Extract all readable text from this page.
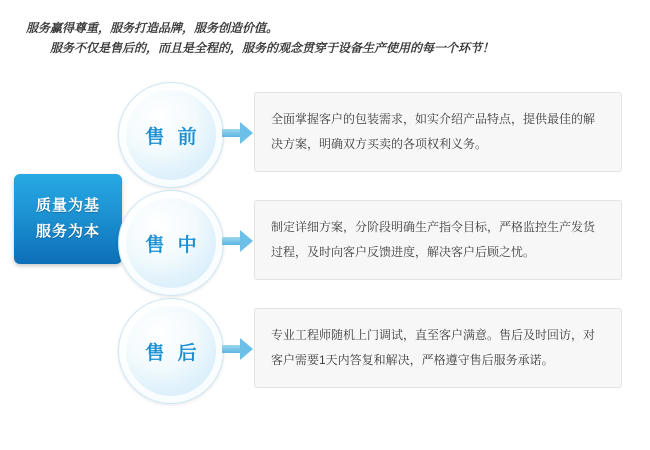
服务赢得尊重，服务打造品牌，服务创造价值。
服务不仅是售后的，而且是全程的，服务的观念贯穿于设备生产使用的每一个环节！
质量为基
服务为本
售 前
全面掌握客户的包装需求，如实介绍产品特点，提供最佳的解决方案，明确双方买卖的各项权利义务。
售 中
制定详细方案，分阶段明确生产指令目标，严格监控生产发货过程，及时向客户反馈进度，解决客户后顾之忧。
售 后
专业工程师随机上门调试，直至客户满意。售后及时回访，对客户需要1天内答复和解决，严格遵守售后服务承诺。
